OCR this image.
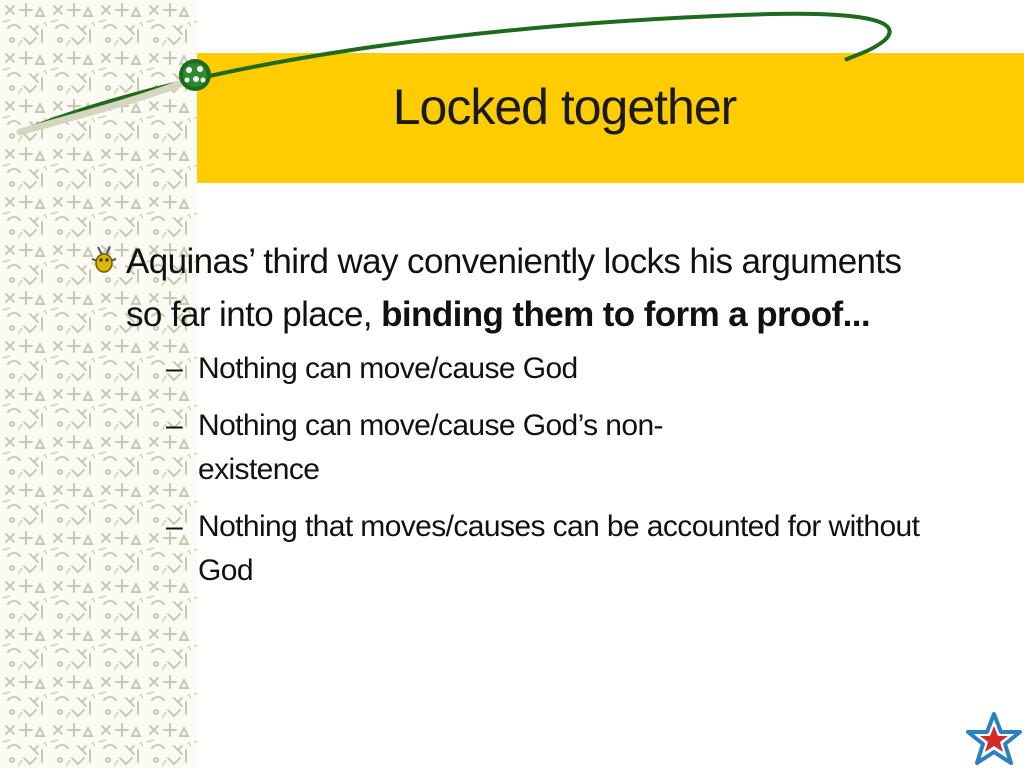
Locked together
Aquinas’ third way conveniently locks his arguments so far into place, binding them to form a proof...
– Nothing can move/cause God
– Nothing can move/cause God’s non-existence
– Nothing that moves/causes can be accounted for without God
